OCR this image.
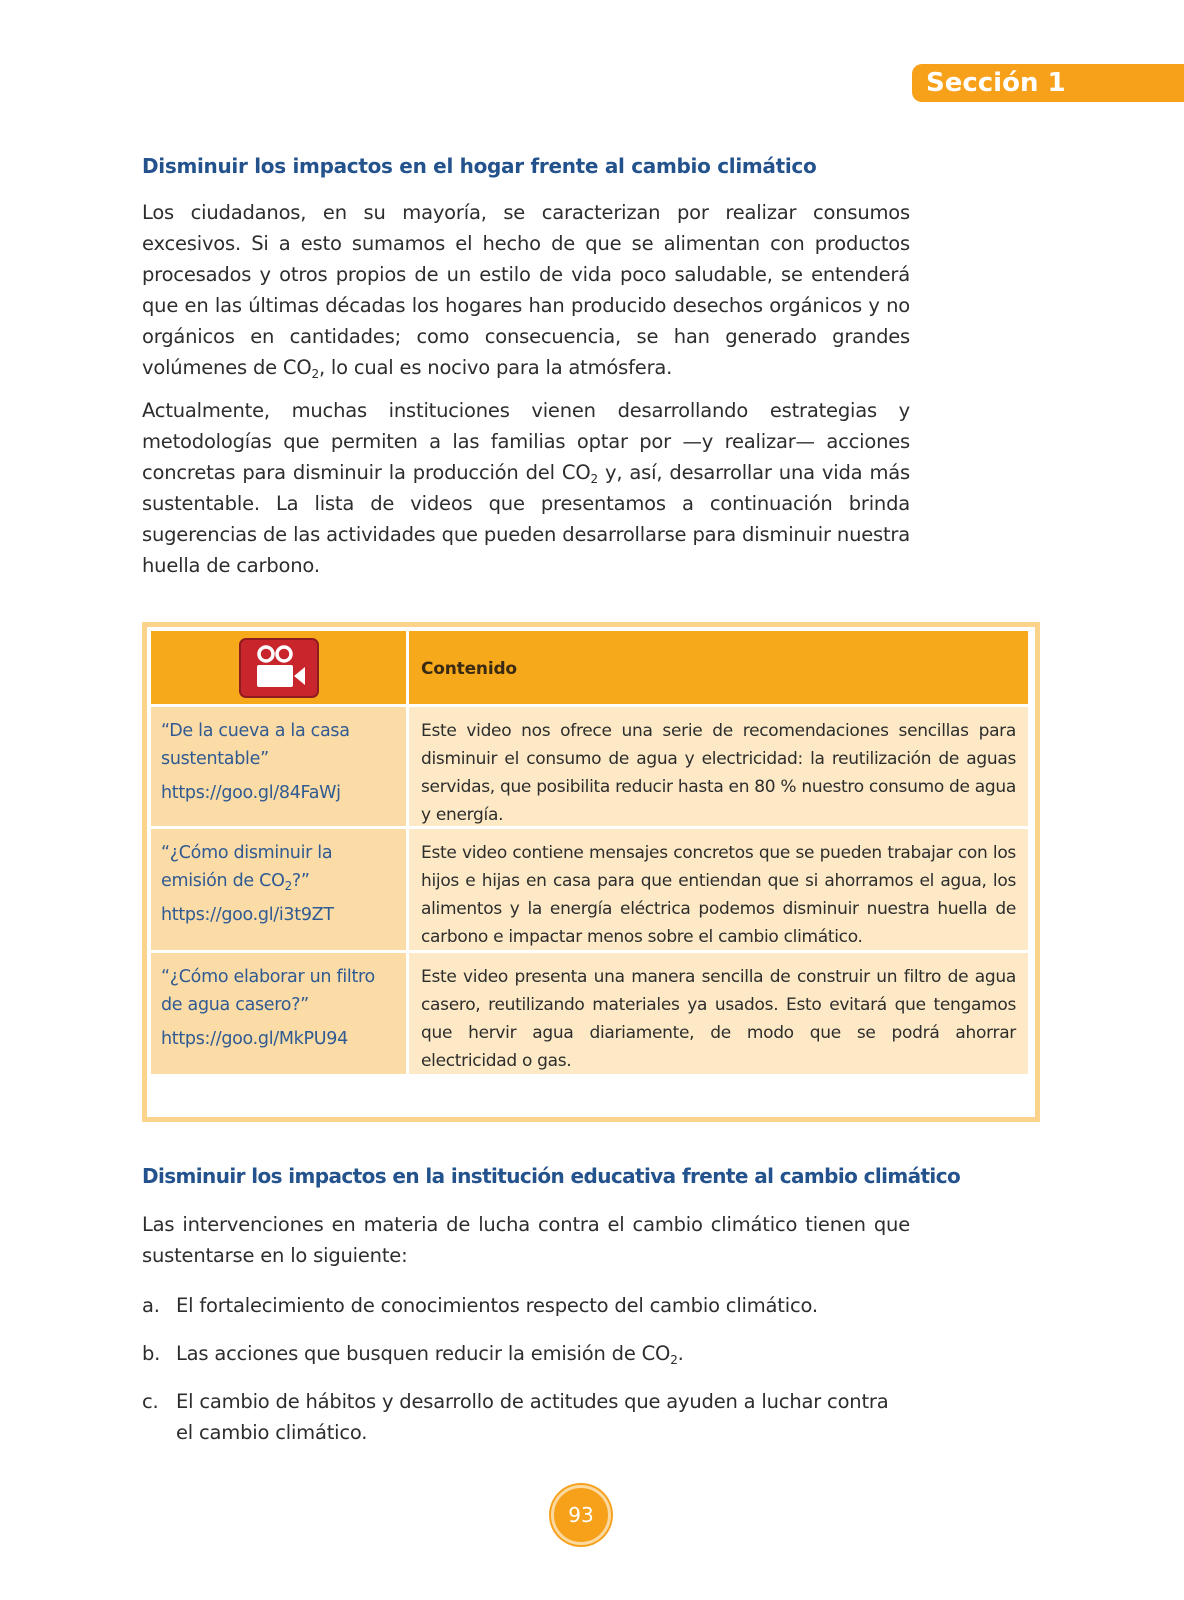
Sección 1
Disminuir los impactos en el hogar frente al cambio climático

Los ciudadanos, en su mayoría, se caracterizan por realizar consumos excesivos. Si a esto sumamos el hecho de que se alimentan con productos procesados y otros propios de un estilo de vida poco saludable, se entenderá que en las últimas décadas los hogares han producido desechos orgánicos y no orgánicos en cantidades; como consecuencia, se han generado grandes volúmenes de $CO_2$, lo cual es nocivo para la atmósfera.

Actualmente, muchas instituciones vienen desarrollando estrategias y metodologías que permiten a las familias optar por —y realizar— acciones concretas para disminuir la producción del $CO_2$ y, así, desarrollar una vida más sustentable. La lista de videos que presentamos a continuación brinda sugerencias de las actividades que pueden desarrollarse para disminuir nuestra huella de carbono.

Contenido

“De la cueva a la casa sustentable”

https://goo.gl/84FaWj

Este video nos ofrece una serie de recomendaciones sencillas para disminuir el consumo de agua y electricidad: la reutilización de aguas servidas, que posibilita reducir hasta en 80 % nuestro consumo de agua y energía.

“¿Cómo disminuir la emisión de $CO_2$?”

https://goo.gl/i3t9ZT

Este video contiene mensajes concretos que se pueden trabajar con los hijos e hijas en casa para que entiendan que si ahorramos el agua, los alimentos y la energía eléctrica podemos disminuir nuestra huella de carbono e impactar menos sobre el cambio climático.

“¿Cómo elaborar un filtro de agua casero?”

https://goo.gl/MkPU94

Este video presenta una manera sencilla de construir un filtro de agua casero, reutilizando materiales ya usados. Esto evitará que tengamos que hervir agua diariamente, de modo que se podrá ahorrar electricidad o gas.

Disminuir los impactos en la institución educativa frente al cambio climático

Las intervenciones en materia de lucha contra el cambio climático tienen que sustentarse en lo siguiente:

a. El fortalecimiento de conocimientos respecto del cambio climático.
b. Las acciones que busquen reducir la emisión de $CO_2$.
c. El cambio de hábitos y desarrollo de actitudes que ayuden a luchar contra el cambio climático.
93
